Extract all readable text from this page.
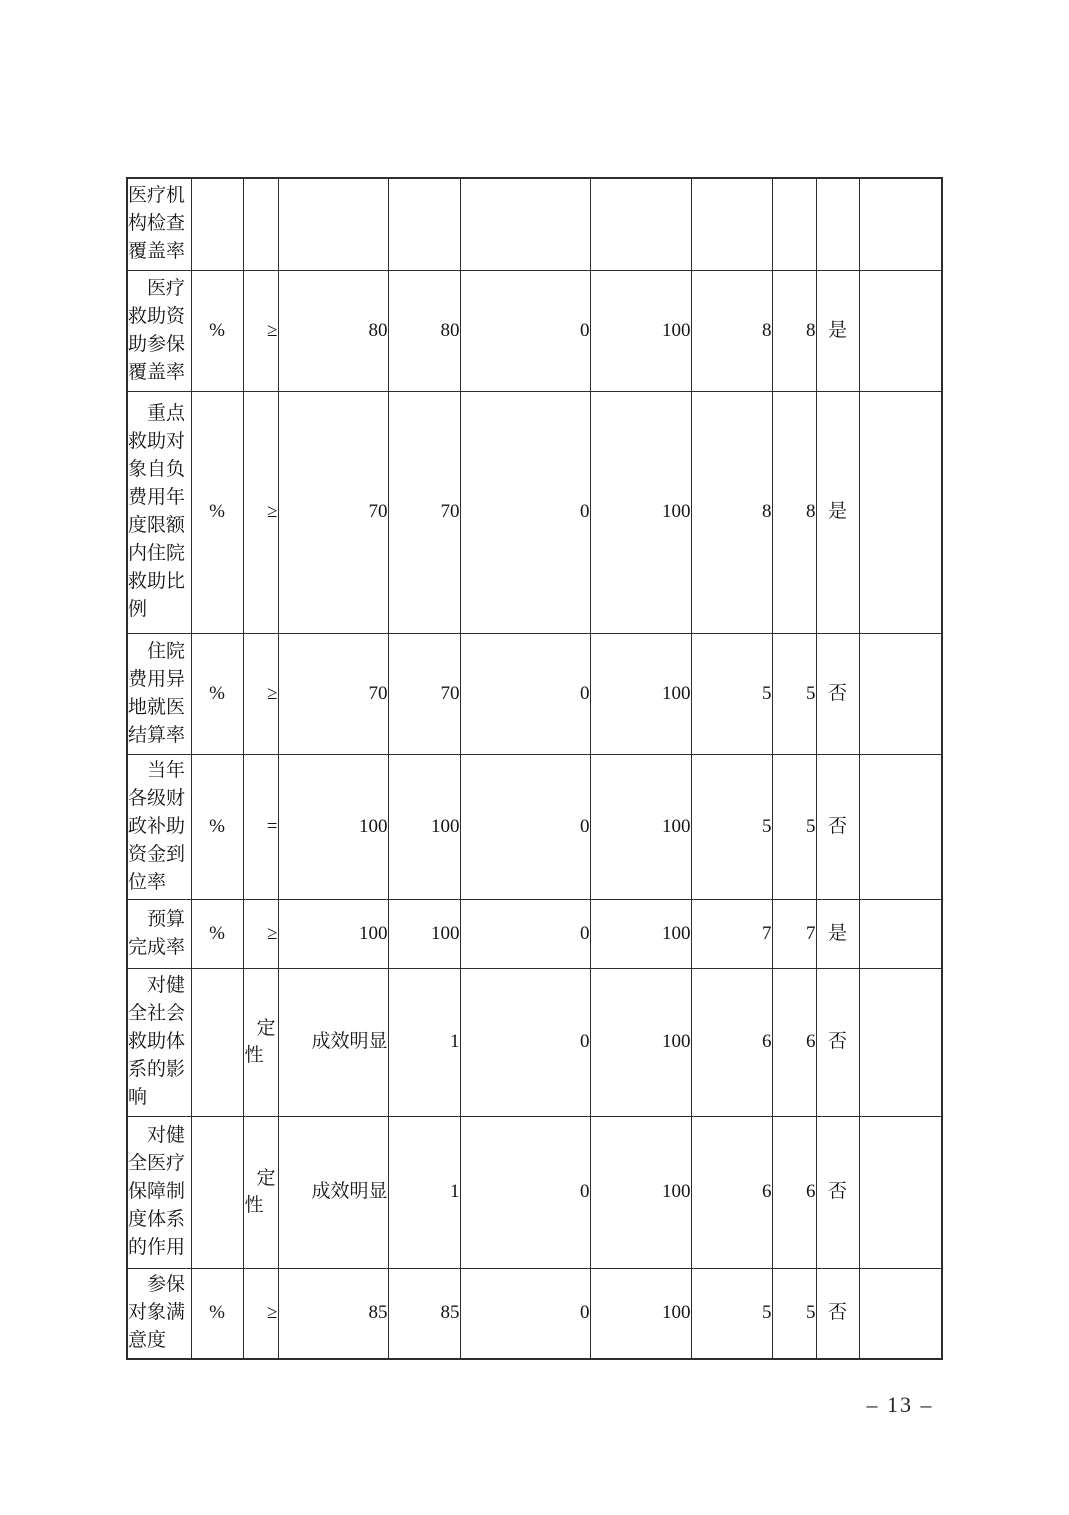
医疗机构检查覆盖率										
医疗救助资助参保覆盖率	%	≥	80	80	0	100	8	8	是	
重点救助对象自负费用年度限额内住院救助比例	%	≥	70	70	0	100	8	8	是	
住院费用异地就医结算率	%	≥	70	70	0	100	5	5	否	
当年各级财政补助资金到位率	%	=	100	100	0	100	5	5	否	
预算完成率	%	≥	100	100	0	100	7	7	是	
对健全社会救助体系的影响		定性	成效明显	1	0	100	6	6	否	
对健全医疗保障制度体系的作用		定性	成效明显	1	0	100	6	6	否	
参保对象满意度	%	≥	85	85	0	100	5	5	否	
– 13 –
